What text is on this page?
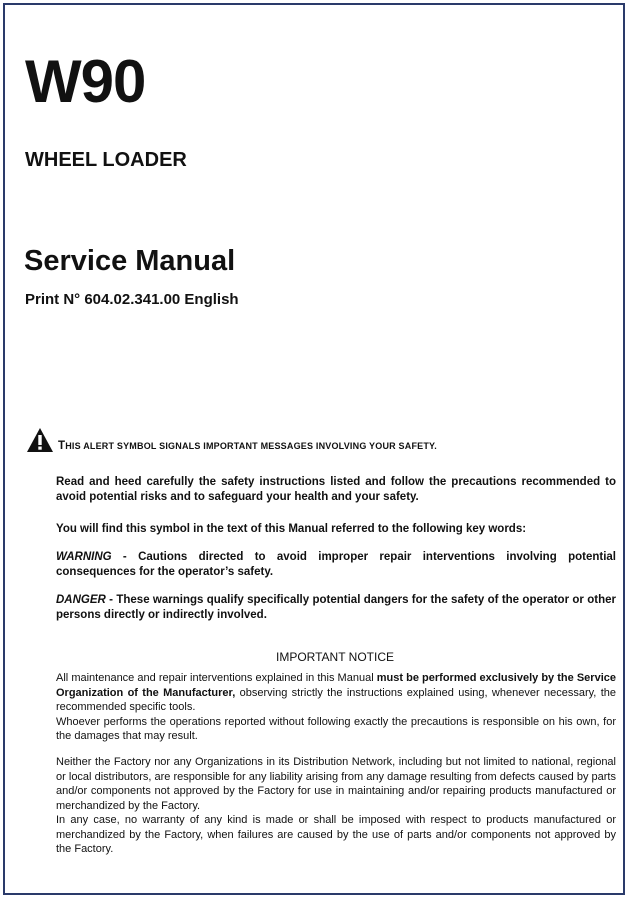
W90
WHEEL LOADER
Service Manual
Print N° 604.02.341.00 English
THIS ALERT SYMBOL SIGNALS IMPORTANT MESSAGES INVOLVING YOUR SAFETY.
Read and heed carefully the safety instructions listed and follow the precautions recommended to avoid potential risks and to safeguard your health and your safety.
You will find this symbol in the text of this Manual referred to the following key words:
WARNING - Cautions directed to avoid improper repair interventions involving potential consequences for the operator’s safety.
DANGER - These warnings qualify specifically potential dangers for the safety of the operator or other persons directly or indirectly involved.
IMPORTANT NOTICE
All maintenance and repair interventions explained in this Manual must be performed exclusively by the Service Organization of the Manufacturer, observing strictly the instructions explained using, whenever necessary, the recommended specific tools.
Whoever performs the operations reported without following exactly the precautions is responsible on his own, for the damages that may result.
Neither the Factory nor any Organizations in its Distribution Network, including but not limited to national, regional or local distributors, are responsible for any liability arising from any damage resulting from defects caused by parts and/or components not approved by the Factory for use in maintaining and/or repairing products manufactured or merchandized by the Factory.
In any case, no warranty of any kind is made or shall be imposed with respect to products manufactured or merchandized by the Factory, when failures are caused by the use of parts and/or components not approved by the Factory.
